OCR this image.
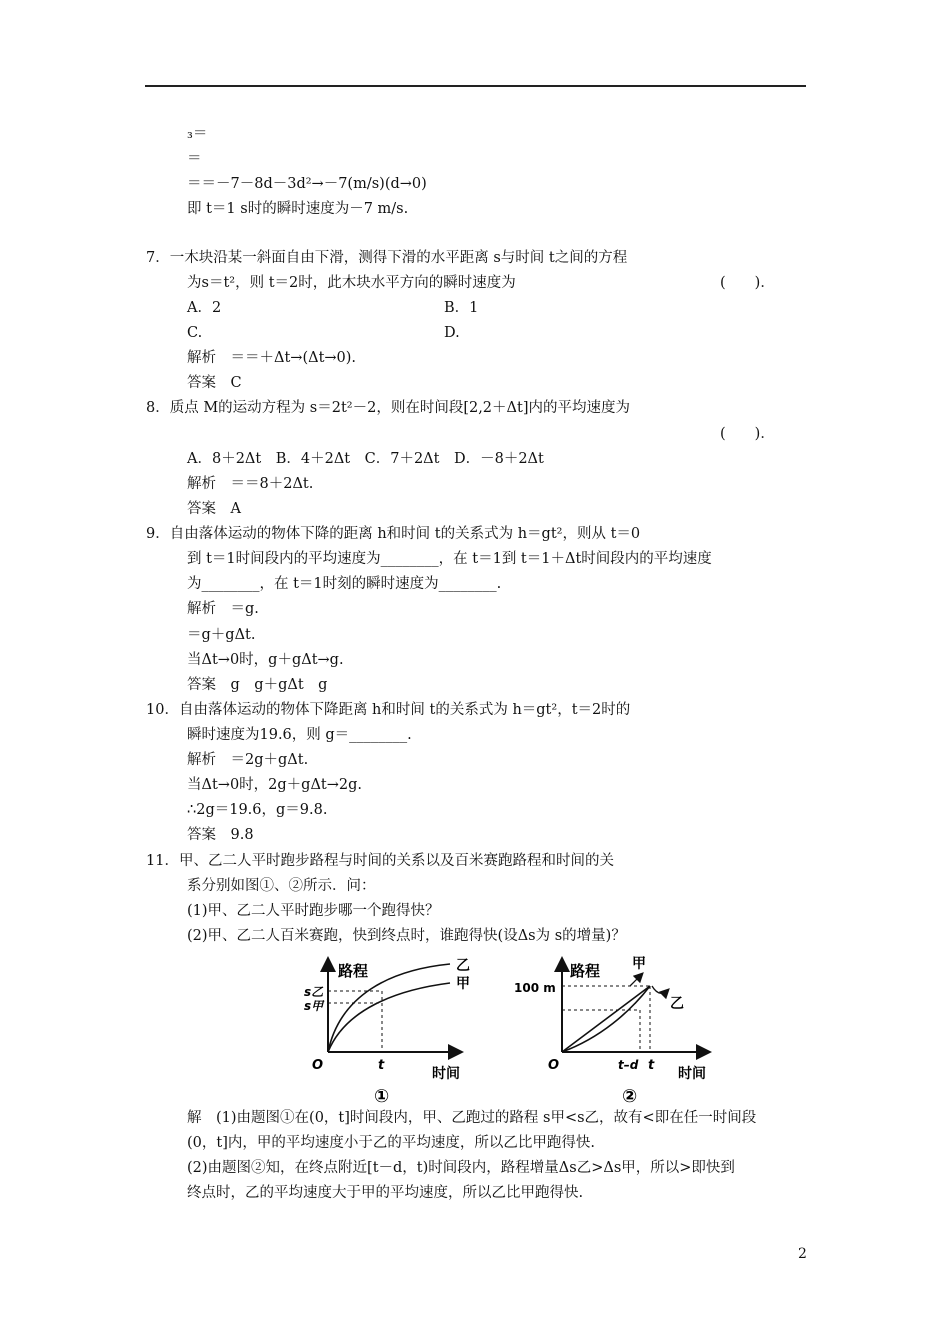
₃＝
＝
＝＝－7－8d－3d²→－7(m/s)(d→0)
即 t＝1 s时的瞬时速度为－7 m/s.
7．一木块沿某一斜面自由下滑，测得下滑的水平距离 s与时间 t之间的方程
为s＝t²，则 t＝2时，此木块水平方向的瞬时速度为	(　　)．
A．2	B．1
C.	D.
解析　＝＝＋Δt→(Δt→0).
答案　C
8．质点 M的运动方程为 s＝2t²－2，则在时间段[2,2＋Δt]内的平均速度为
(　　)．
A．8＋2Δt　B．4＋2Δt　C．7＋2Δt　D．－8＋2Δt
解析　＝＝8＋2Δt.
答案　A
9．自由落体运动的物体下降的距离 h和时间 t的关系式为 h＝gt²，则从 t＝0
到 t＝1时间段内的平均速度为________，在 t＝1到 t＝1＋Δt时间段内的平均速度
为________，在 t＝1时刻的瞬时速度为________.
解析　＝g.
＝g＋gΔt.
当Δt→0时，g＋gΔt→g.
答案　g　g＋gΔt　g
10．自由落体运动的物体下降距离 h和时间 t的关系式为 h＝gt²，t＝2时的
瞬时速度为19.6，则 g＝________.
解析　＝2g＋gΔt.
当Δt→0时，2g＋gΔt→2g.
∴2g＝19.6，g＝9.8.
答案　9.8
11．甲、乙二人平时跑步路程与时间的关系以及百米赛跑路程和时间的关
系分别如图①、②所示．问：
(1)甲、乙二人平时跑步哪一个跑得快？
(2)甲、乙二人百米赛跑，快到终点时，谁跑得快(设Δs为 s的增量)？
路程
时间
O
s乙
s甲
t
乙
甲
①
路程
时间
O
100 m
t–d t
甲
乙
②
解　(1)由题图①在(0，t]时间段内，甲、乙跑过的路程 s甲<s乙，故有<即在任一时间段
(0，t]内，甲的平均速度小于乙的平均速度，所以乙比甲跑得快.
(2)由题图②知，在终点附近[t－d，t)时间段内，路程增量Δs乙>Δs甲，所以>即快到
终点时，乙的平均速度大于甲的平均速度，所以乙比甲跑得快.
2
